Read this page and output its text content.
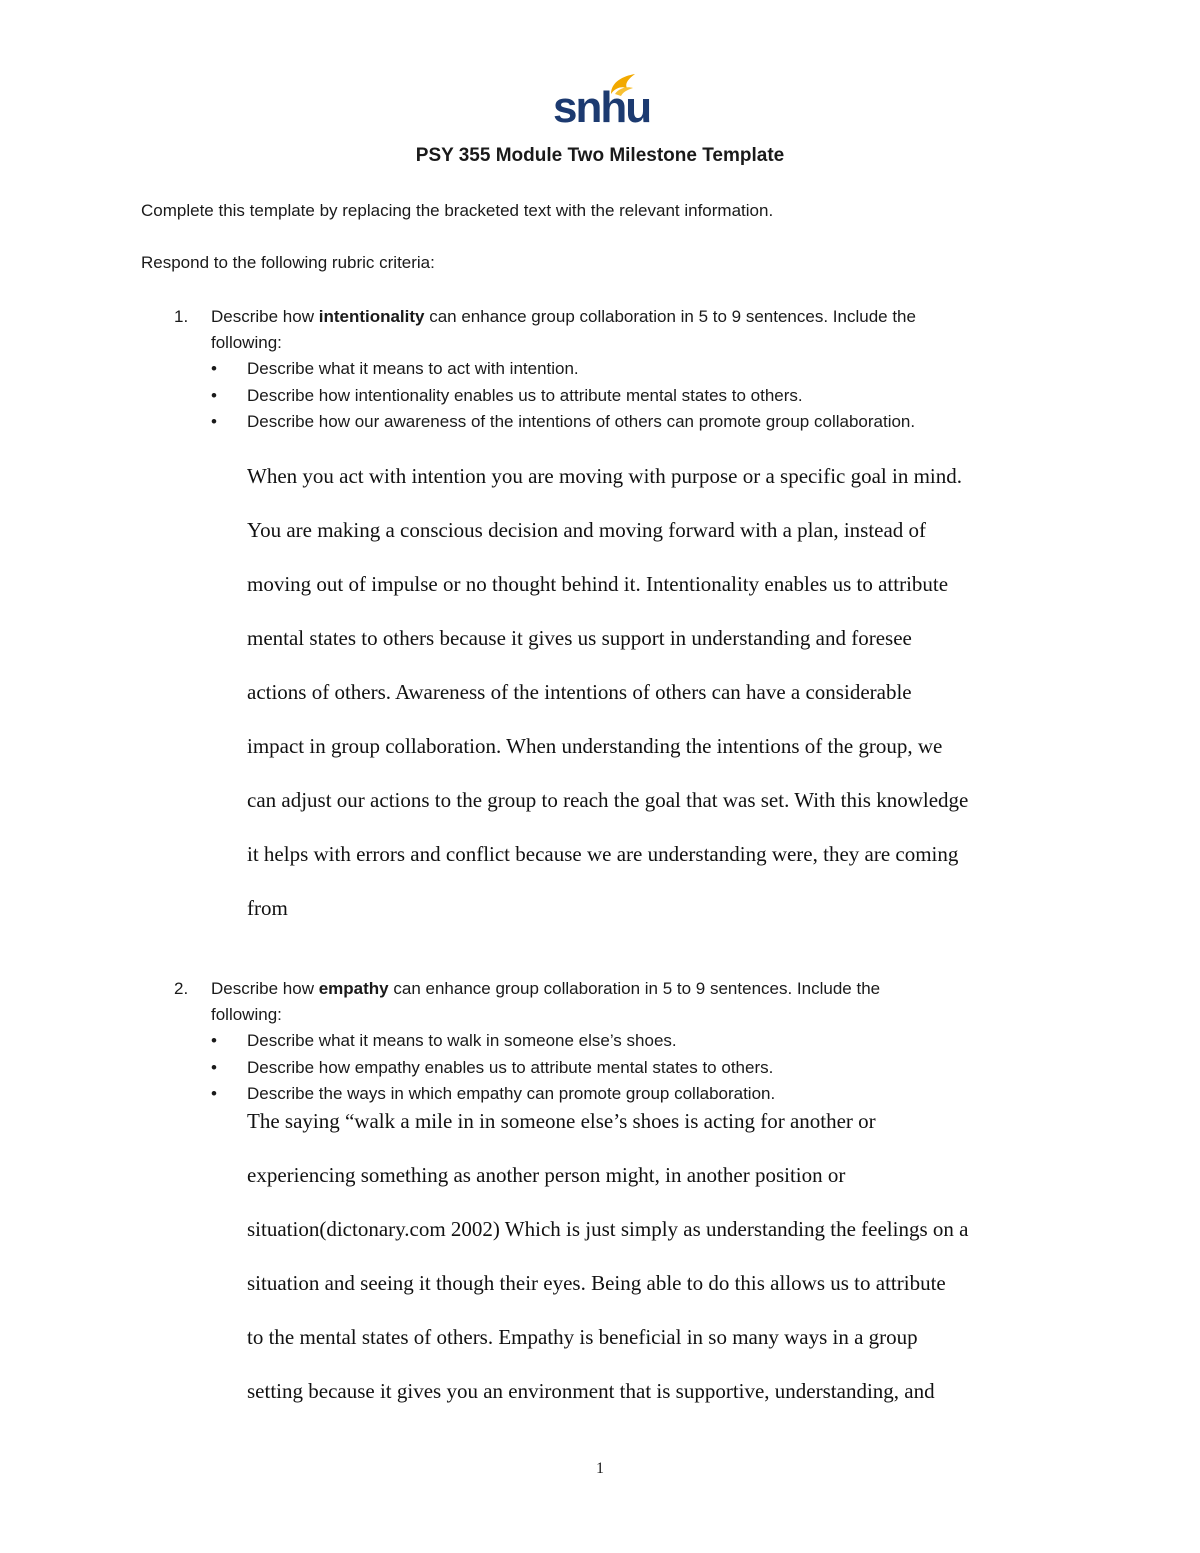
snhu
PSY 355 Module Two Milestone Template
Complete this template by replacing the bracketed text with the relevant information.
Respond to the following rubric criteria:
1. Describe how intentionality can enhance group collaboration in 5 to 9 sentences. Include the
following:
• Describe what it means to act with intention.
• Describe how intentionality enables us to attribute mental states to others.
• Describe how our awareness of the intentions of others can promote group collaboration.
When you act with intention you are moving with purpose or a specific goal in mind.
You are making a conscious decision and moving forward with a plan, instead of
moving out of impulse or no thought behind it. Intentionality enables us to attribute
mental states to others because it gives us support in understanding and foresee
actions of others. Awareness of the intentions of others can have a considerable
impact in group collaboration. When understanding the intentions of the group, we
can adjust our actions to the group to reach the goal that was set. With this knowledge
it helps with errors and conflict because we are understanding were, they are coming
from
2. Describe how empathy can enhance group collaboration in 5 to 9 sentences. Include the
following:
• Describe what it means to walk in someone else’s shoes.
• Describe how empathy enables us to attribute mental states to others.
• Describe the ways in which empathy can promote group collaboration.
The saying “walk a mile in in someone else’s shoes is acting for another or
experiencing something as another person might, in another position or
situation(dictonary.com 2002) Which is just simply as understanding the feelings on a
situation and seeing it though their eyes. Being able to do this allows us to attribute
to the mental states of others. Empathy is beneficial in so many ways in a group
setting because it gives you an environment that is supportive, understanding, and
1
